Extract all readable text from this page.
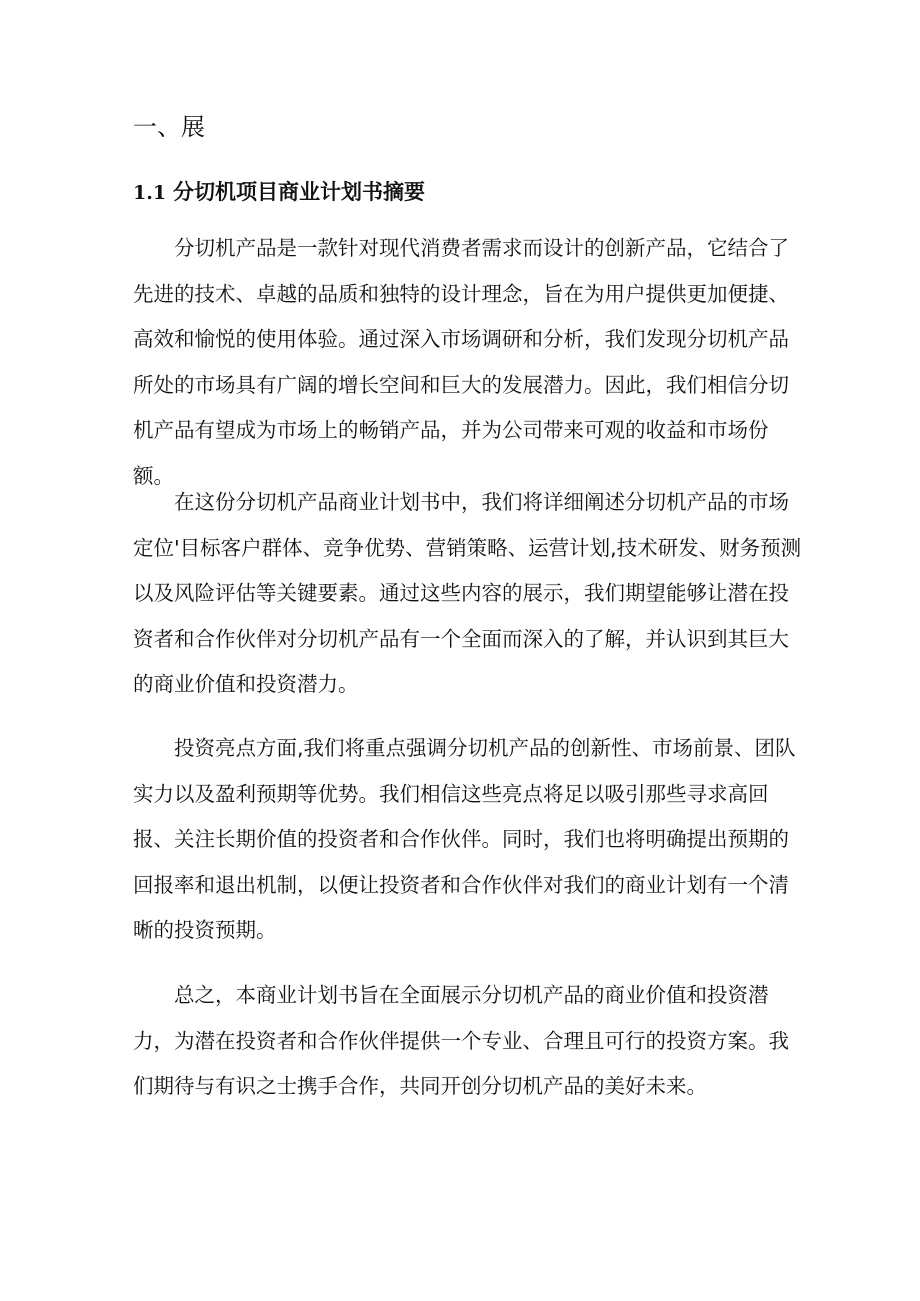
一、展
1.1 分切机项目商业计划书摘要

分切机产品是一款针对现代消费者需求而设计的创新产品，它结合了先进的技术、卓越的品质和独特的设计理念，旨在为用户提供更加便捷、高效和愉悦的使用体验。通过深入市场调研和分析，我们发现分切机产品所处的市场具有广阔的增长空间和巨大的发展潜力。因此，我们相信分切机产品有望成为市场上的畅销产品，并为公司带来可观的收益和市场份额。

在这份分切机产品商业计划书中，我们将详细阐述分切机产品的市场定位'目标客户群体、竞争优势、营销策略、运营计划,技术研发、财务预测以及风险评估等关键要素。通过这些内容的展示，我们期望能够让潜在投资者和合作伙伴对分切机产品有一个全面而深入的了解，并认识到其巨大的商业价值和投资潜力。

投资亮点方面,我们将重点强调分切机产品的创新性、市场前景、团队实力以及盈利预期等优势。我们相信这些亮点将足以吸引那些寻求高回报、关注长期价值的投资者和合作伙伴。同时，我们也将明确提出预期的回报率和退出机制，以便让投资者和合作伙伴对我们的商业计划有一个清晰的投资预期。

总之，本商业计划书旨在全面展示分切机产品的商业价值和投资潜力，为潜在投资者和合作伙伴提供一个专业、合理且可行的投资方案。我们期待与有识之士携手合作，共同开创分切机产品的美好未来。
